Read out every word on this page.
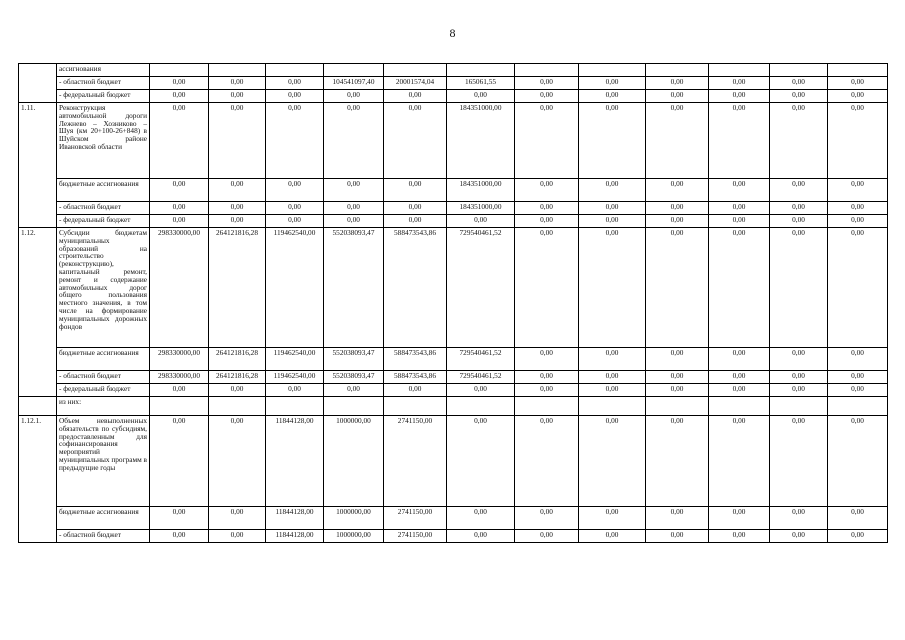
8
	ассигнования												
	- областной бюджет	0,00	0,00	0,00	104541097,40	20001574,04	165061,55	0,00	0,00	0,00	0,00	0,00	0,00
	- федеральный бюджет	0,00	0,00	0,00	0,00	0,00	0,00	0,00	0,00	0,00	0,00	0,00	0,00
1.11.	Реконструкция автомобильной дороги Лежнево – Хозниково – Шуя (км 20+100-26+848) в Шуйском районе Ивановской области	0,00	0,00	0,00	0,00	0,00	184351000,00	0,00	0,00	0,00	0,00	0,00	0,00
	бюджетные ассигнования	0,00	0,00	0,00	0,00	0,00	184351000,00	0,00	0,00	0,00	0,00	0,00	0,00
	- областной бюджет	0,00	0,00	0,00	0,00	0,00	184351000,00	0,00	0,00	0,00	0,00	0,00	0,00
	- федеральный бюджет	0,00	0,00	0,00	0,00	0,00	0,00	0,00	0,00	0,00	0,00	0,00	0,00
1.12.	Субсидии бюджетам муниципальных образований на строительство (реконструкцию), капитальный ремонт, ремонт и содержание автомобильных дорог общего пользования местного значения, в том числе на формирование муниципальных дорожных фондов	298330000,00	264121816,28	119462540,00	552038093,47	588473543,86	729540461,52	0,00	0,00	0,00	0,00	0,00	0,00
	бюджетные ассигнования	298330000,00	264121816,28	119462540,00	552038093,47	588473543,86	729540461,52	0,00	0,00	0,00	0,00	0,00	0,00
	- областной бюджет	298330000,00	264121816,28	119462540,00	552038093,47	588473543,86	729540461,52	0,00	0,00	0,00	0,00	0,00	0,00
	- федеральный бюджет	0,00	0,00	0,00	0,00	0,00	0,00	0,00	0,00	0,00	0,00	0,00	0,00
	из них:												
1.12.1.	Объем невыполненных обязательств по субсидиям, предоставленным для софинансирования мероприятий муниципальных программ в предыдущие годы	0,00	0,00	11844128,00	1000000,00	2741150,00	0,00	0,00	0,00	0,00	0,00	0,00	0,00
	бюджетные ассигнования	0,00	0,00	11844128,00	1000000,00	2741150,00	0,00	0,00	0,00	0,00	0,00	0,00	0,00
	- областной бюджет	0,00	0,00	11844128,00	1000000,00	2741150,00	0,00	0,00	0,00	0,00	0,00	0,00	0,00
